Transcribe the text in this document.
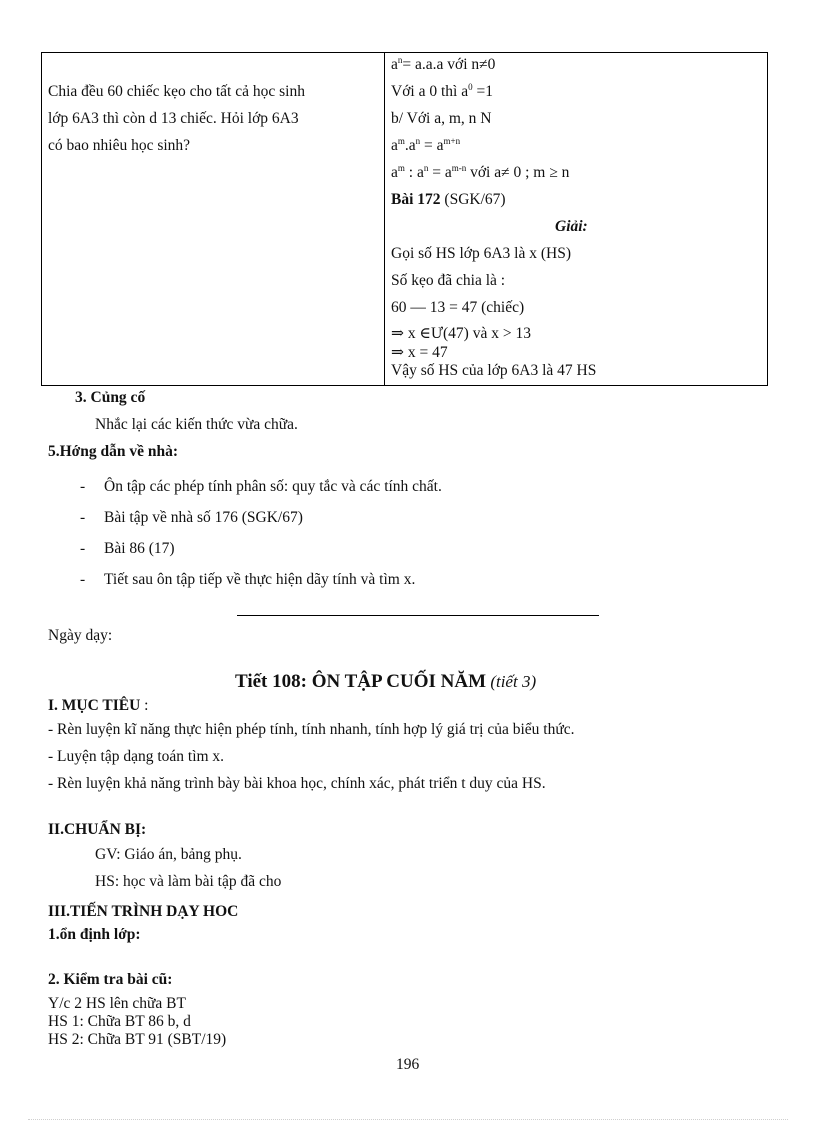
Chia đều 60 chiếc kẹo cho tất cả học sinh
lớp 6A3 thì còn d 13 chiếc. Hỏi lớp 6A3
có bao nhiêu học sinh?
$a^n= a.a.a$ với n≠0
Với a 0 thì $a^0 =1$
b/ Với a, m, n N
$a^m.a^n = a^{m+n}$
$a^m$ : $a^n = a^{m-n}$ với a≠ 0 ; m ≥ n
Bài 172 (SGK/67)
Giải:
Gọi số HS lớp 6A3 là x (HS)
Số kẹo đã chia là :
60 — 13 = 47 (chiếc)
⇒ x ∈Ư(47) và x > 13
⇒ x = 47
Vậy số HS của lớp 6A3 là 47 HS
3. Củng cố
Nhắc lại các kiến thức vừa chữa.
5.Hớng dẫn về nhà:
- Ôn tập các phép tính phân số: quy tắc và các tính chất.
- Bài tập về nhà số 176 (SGK/67)
- Bài 86 (17)
- Tiết sau ôn tập tiếp về thực hiện dãy tính và tìm x.
Ngày dạy:
Tiết 108: ÔN TẬP CUỐI NĂM (tiết 3)
I. MỤC TIÊU :
- Rèn luyện kĩ năng thực hiện phép tính, tính nhanh, tính hợp lý giá trị của biểu thức.
- Luyện tập dạng toán tìm x.
- Rèn luyện khả năng trình bày bài khoa học, chính xác, phát triển t duy của HS.
II.CHUẨN BỊ:
GV: Giáo án, bảng phụ.
HS: học và làm bài tập đã cho
III.TIẾN TRÌNH DẠY HOC
1.ổn định lớp:
2. Kiểm tra bài cũ:
Y/c 2 HS lên chữa BT
HS 1: Chữa BT 86 b, d
HS 2: Chữa BT 91 (SBT/19)
196
